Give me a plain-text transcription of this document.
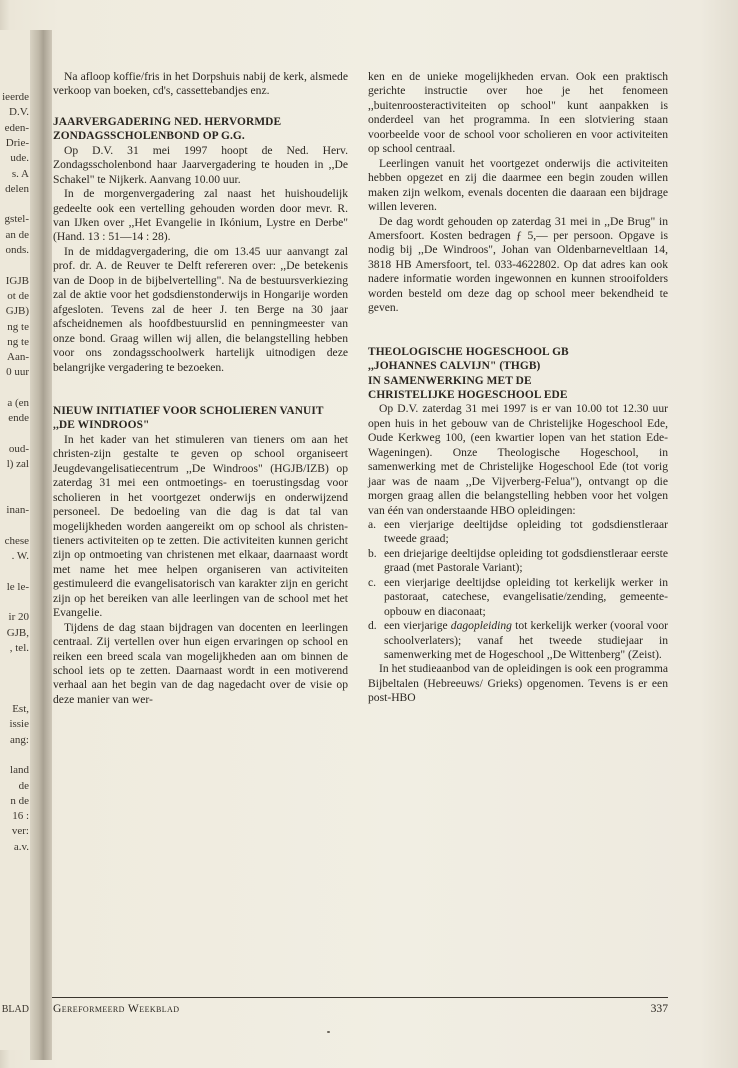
ieerde
D.V.
eden-
Drie-
ude.
s. A
delen
gstel-
an de
onds.
IGJB
ot de
GJB)
ng te
ng te
Aan-
0 uur
a (en
ende
oud-
l) zal
inan-
chese
. W.
le le-
ir 20
GJB,
, tel.
Est,
issie
ang:
land
de
n de
16 :
ver:
a.v.
BLAD

Na afloop koffie/fris in het Dorpshuis nabij de kerk, alsmede verkoop van boeken, cd's, cassettebandjes enz.

JAARVERGADERING NED. HERVORMDE ZONDAGSSCHOLENBOND OP G.G.

Op D.V. 31 mei 1997 hoopt de Ned. Herv. Zondagsscholenbond haar Jaarvergadering te houden in ,,De Schakel" te Nijkerk. Aanvang 10.00 uur.

In de morgenvergadering zal naast het huishoudelijk gedeelte ook een vertelling gehouden worden door mevr. R. van IJken over ,,Het Evangelie in Ikónium, Lystre en Derbe" (Hand. 13 : 51—14 : 28).

In de middagvergadering, die om 13.45 uur aanvangt zal prof. dr. A. de Reuver te Delft refereren over: ,,De betekenis van de Doop in de bijbelvertelling". Na de bestuursverkiezing zal de aktie voor het godsdienstonderwijs in Hongarije worden afgesloten. Tevens zal de heer J. ten Berge na 30 jaar afscheidnemen als hoofdbestuurslid en penningmeester van onze bond. Graag willen wij allen, die belangstelling hebben voor ons zondagsschoolwerk hartelijk uitnodigen deze belangrijke vergadering te bezoeken.

NIEUW INITIATIEF VOOR SCHOLIEREN VANUIT ,,DE WINDROOS"

In het kader van het stimuleren van tieners om aan het christen-zijn gestalte te geven op school organiseert Jeugdevangelisatiecentrum ,,De Windroos" (HGJB/IZB) op zaterdag 31 mei een ontmoetings- en toerustingsdag voor scholieren in het voortgezet onderwijs en onderwijzend personeel. De bedoeling van die dag is dat tal van mogelijkheden worden aangereikt om op school als christen-tieners activiteiten op te zetten. Die activiteiten kunnen gericht zijn op ontmoeting van christenen met elkaar, daarnaast wordt met name het mee helpen organiseren van activiteiten gestimuleerd die evangelisatorisch van karakter zijn en gericht zijn op het bereiken van alle leerlingen van de school met het Evangelie.

Tijdens de dag staan bijdragen van docenten en leerlingen centraal. Zij vertellen over hun eigen ervaringen op school en reiken een breed scala van mogelijkheden aan om binnen de school iets op te zetten. Daarnaast wordt in een motiverend verhaal aan het begin van de dag nagedacht over de visie op deze manier van wer-

ken en de unieke mogelijkheden ervan. Ook een praktisch gerichte instructie over hoe je het fenomeen ,,buitenroosteractiviteiten op school" kunt aanpakken is onderdeel van het programma. In een slotviering staan voorbeelde voor de school voor scholieren en voor activiteiten op school centraal.

Leerlingen vanuit het voortgezet onderwijs die activiteiten hebben opgezet en zij die daarmee een begin zouden willen maken zijn welkom, evenals docenten die daaraan een bijdrage willen leveren.

De dag wordt gehouden op zaterdag 31 mei in ,,De Brug" in Amersfoort. Kosten bedragen ƒ 5,— per persoon. Opgave is nodig bij ,,De Windroos", Johan van Oldenbarneveltlaan 14, 3818 HB Amersfoort, tel. 033-4622802. Op dat adres kan ook nadere informatie worden ingewonnen en kunnen strooifolders worden besteld om deze dag op school meer bekendheid te geven.

THEOLOGISCHE HOGESCHOOL GB
,,JOHANNES CALVIJN" (THGB)
IN SAMENWERKING MET DE
CHRISTELIJKE HOGESCHOOL EDE

Op D.V. zaterdag 31 mei 1997 is er van 10.00 tot 12.30 uur open huis in het gebouw van de Christelijke Hogeschool Ede, Oude Kerkweg 100, (een kwartier lopen van het station Ede-Wageningen). Onze Theologische Hogeschool, in samenwerking met de Christelijke Hogeschool Ede (tot vorig jaar was de naam ,,De Vijverberg-Felua"), ontvangt op die morgen graag allen die belangstelling hebben voor het volgen van één van onderstaande HBO opleidingen:

a. een vierjarige deeltijdse opleiding tot godsdienstleraar tweede graad;
b. een driejarige deeltijdse opleiding tot godsdienstleraar eerste graad (met Pastorale Variant);
c. een vierjarige deeltijdse opleiding tot kerkelijk werker in pastoraat, catechese, evangelisatie/zending, gemeente-opbouw en diaconaat;
d. een vierjarige dagopleiding tot kerkelijk werker (vooral voor schoolverlaters); vanaf het tweede studiejaar in samenwerking met de Hogeschool ,,De Wittenberg" (Zeist).

In het studieaanbod van de opleidingen is ook een programma Bijbeltalen (Hebreeuws/ Grieks) opgenomen. Tevens is er een post-HBO

Gereformeerd Weekblad	337
